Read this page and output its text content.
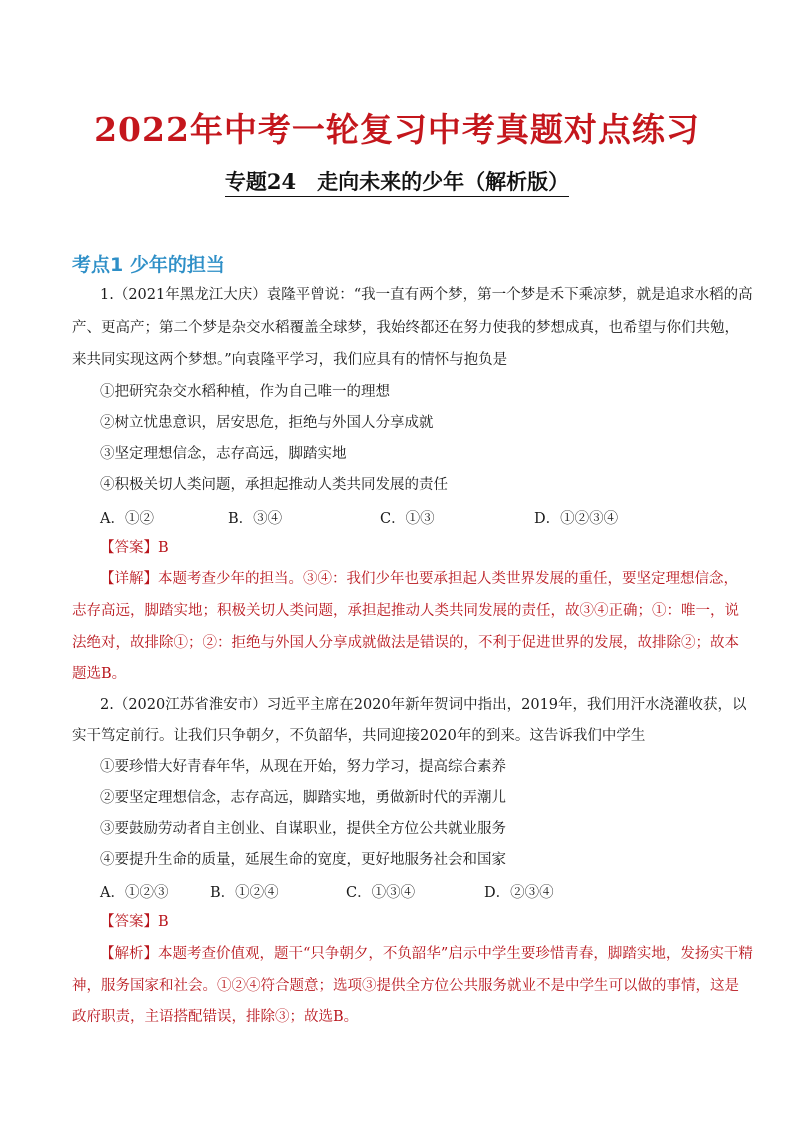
2022年中考一轮复习中考真题对点练习
专题24　走向未来的少年（解析版）
考点1 少年的担当
1.（2021年黑龙江大庆）袁隆平曾说：“我一直有两个梦，第一个梦是禾下乘凉梦，就是追求水稻的高
产、更高产；第二个梦是杂交水稻覆盖全球梦，我始终都还在努力使我的梦想成真，也希望与你们共勉，
来共同实现这两个梦想。”向袁隆平学习，我们应具有的情怀与抱负是
①把研究杂交水稻种植，作为自己唯一的理想
②树立忧患意识，居安思危，拒绝与外国人分享成就
③坚定理想信念，志存高远，脚踏实地
④积极关切人类问题，承担起推动人类共同发展的责任
A．①②	B．③④	C．①③	D．①②③④
【答案】B
【详解】本题考查少年的担当。③④：我们少年也要承担起人类世界发展的重任，要坚定理想信念，
志存高远，脚踏实地；积极关切人类问题，承担起推动人类共同发展的责任，故③④正确；①：唯一，说
法绝对，故排除①；②：拒绝与外国人分享成就做法是错误的，不利于促进世界的发展，故排除②；故本
题选B。
2.（2020江苏省淮安市）习近平主席在2020年新年贺词中指出，2019年，我们用汗水浇灌收获，以
实干笃定前行。让我们只争朝夕，不负韶华，共同迎接2020年的到来。这告诉我们中学生
①要珍惜大好青春年华，从现在开始，努力学习，提高综合素养
②要坚定理想信念，志存高远，脚踏实地，勇做新时代的弄潮儿
③要鼓励劳动者自主创业、自谋职业，提供全方位公共就业服务
④要提升生命的质量，延展生命的宽度，更好地服务社会和国家
A．①②③	B．①②④	C．①③④	D．②③④
【答案】B
【解析】本题考查价值观，题干“只争朝夕，不负韶华”启示中学生要珍惜青春，脚踏实地，发扬实干精
神，服务国家和社会。①②④符合题意；选项③提供全方位公共服务就业不是中学生可以做的事情，这是
政府职责，主语搭配错误，排除③；故选B。
